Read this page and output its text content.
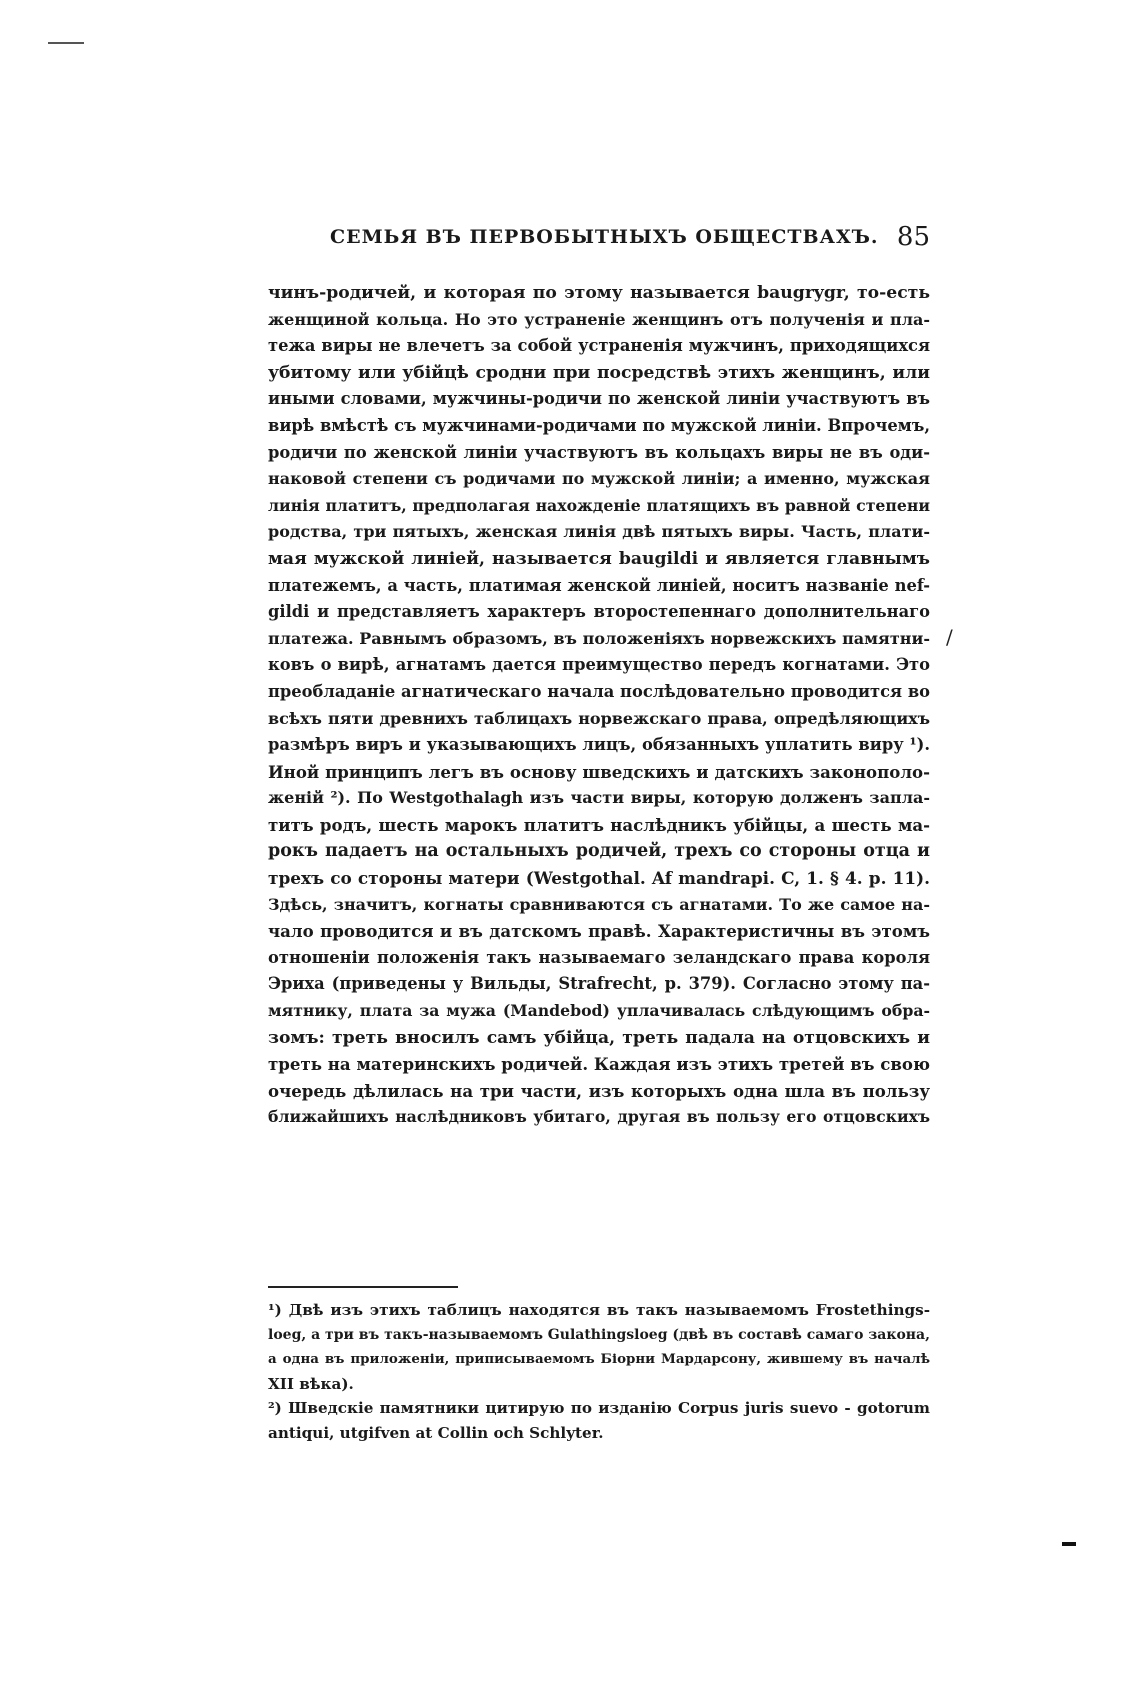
/
СЕМЬЯ ВЪ ПЕРВОБЫТНЫХЪ ОБЩЕСТВАХЪ. 85
чинъ-родичей, и которая по этому называется baugrygr, то-есть
женщиной кольца. Но это устраненіе женщинъ отъ полученія и пла-
тежа виры не влечетъ за собой устраненія мужчинъ, приходящихся
убитому или убійцѣ сродни при посредствѣ этихъ женщинъ, или
иными словами, мужчины-родичи по женской линіи участвуютъ въ
вирѣ вмѣстѣ съ мужчинами-родичами по мужской линіи. Впрочемъ,
родичи по женской линіи участвуютъ въ кольцахъ виры не въ оди-
наковой степени съ родичами по мужской линіи; а именно, мужская
линія платитъ, предполагая нахожденіе платящихъ въ равной степени
родства, три пятыхъ, женская линія двѣ пятыхъ виры. Часть, плати-
мая мужской линіей, называется baugildi и является главнымъ
платежемъ, а часть, платимая женской линіей, носитъ названіе nef-
gildi и представляетъ характеръ второстепеннаго дополнительнаго
платежа. Равнымъ образомъ, въ положеніяхъ норвежскихъ памятни-
ковъ о вирѣ, агнатамъ дается преимущество передъ когнатами. Это
преобладаніе агнатическаго начала послѣдовательно проводится во
всѣхъ пяти древнихъ таблицахъ норвежскаго права, опредѣляющихъ
размѣръ виръ и указывающихъ лицъ, обязанныхъ уплатить виру ¹).
Иной принципъ легъ въ основу шведскихъ и датскихъ законополо-
женій ²). По Westgothalagh изъ части виры, которую долженъ запла-
титъ родъ, шесть марокъ платитъ наслѣдникъ убійцы, а шесть ма-
рокъ падаетъ на остальныхъ родичей, трехъ со стороны отца и
трехъ со стороны матери (Westgothal. Af mandrapi. C, 1. § 4. p. 11).
Здѣсь, значитъ, когнаты сравниваются съ агнатами. То же самое на-
чало проводится и въ датскомъ правѣ. Характеристичны въ этомъ
отношеніи положенія такъ называемаго зеландскаго права короля
Эриха (приведены у Вильды, Strafrecht, p. 379). Согласно этому па-
мятнику, плата за мужа (Mandebod) уплачивалась слѣдующимъ обра-
зомъ: треть вносилъ самъ убійца, треть падала на отцовскихъ и
треть на материнскихъ родичей. Каждая изъ этихъ третей въ свою
очередь дѣлилась на три части, изъ которыхъ одна шла въ пользу
ближайшихъ наслѣдниковъ убитаго, другая въ пользу его отцовскихъ
¹) Двѣ изъ этихъ таблицъ находятся въ такъ называемомъ Frostethings-
loeg, а три въ такъ-называемомъ Gulathingsloeg (двѣ въ составѣ самаго закона,
а одна въ приложеніи, приписываемомъ Біорни Мардарсону, жившему въ началѣ
XII вѣка).
²) Шведскіе памятники цитирую по изданію Corpus juris suevo - gotorum
antiqui, utgifven at Collin och Schlyter.
